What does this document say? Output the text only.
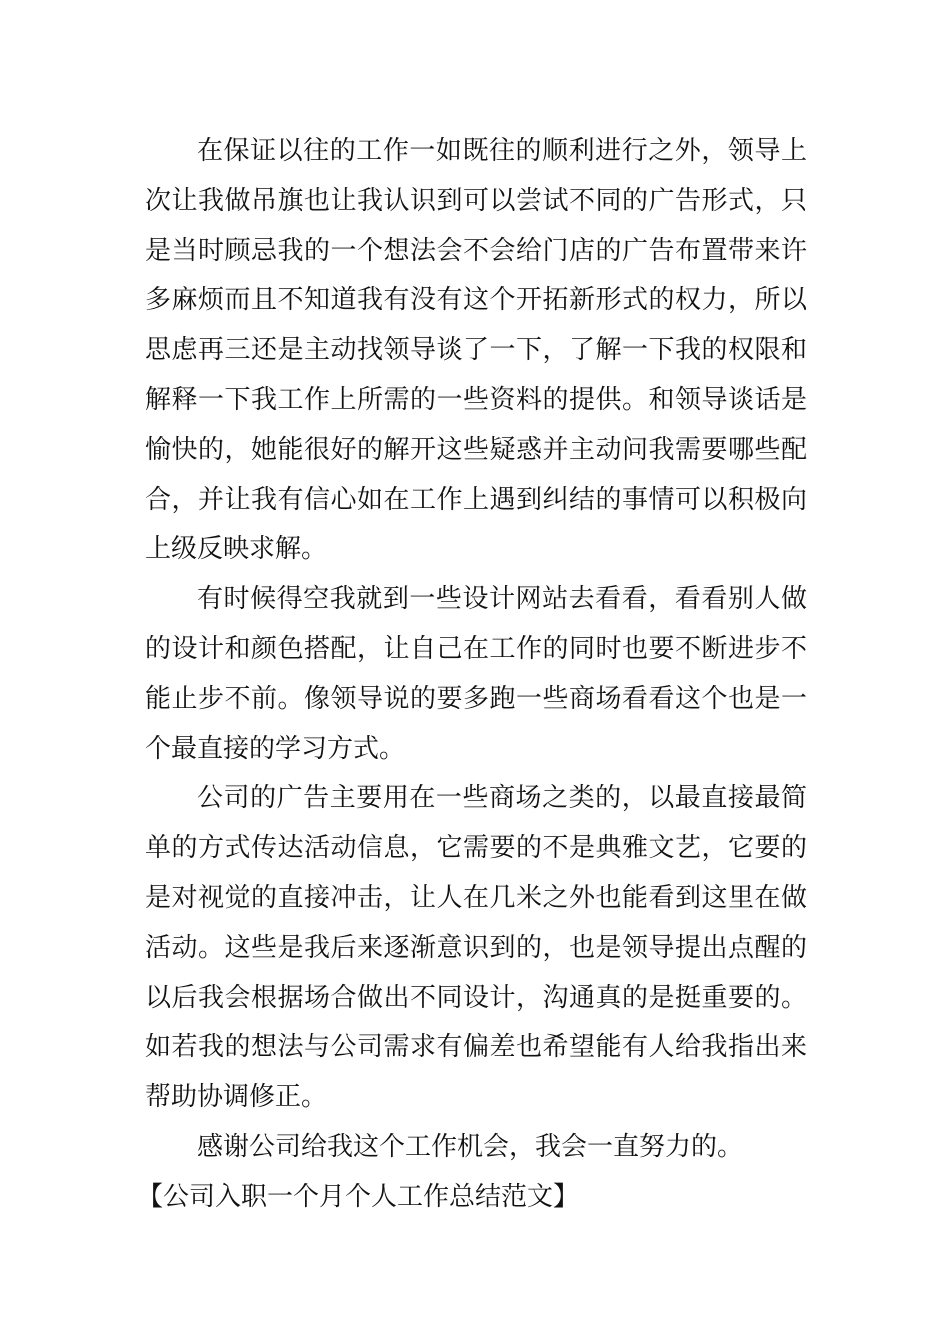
在保证以往的工作一如既往的顺利进行之外，领导上次让我做吊旗也让我认识到可以尝试不同的广告形式，只是当时顾忌我的一个想法会不会给门店的广告布置带来许多麻烦而且不知道我有没有这个开拓新形式的权力，所以思虑再三还是主动找领导谈了一下，了解一下我的权限和解释一下我工作上所需的一些资料的提供。和领导谈话是愉快的，她能很好的解开这些疑惑并主动问我需要哪些配合，并让我有信心如在工作上遇到纠结的事情可以积极向上级反映求解。

有时候得空我就到一些设计网站去看看，看看别人做的设计和颜色搭配，让自己在工作的同时也要不断进步不能止步不前。像领导说的要多跑一些商场看看这个也是一个最直接的学习方式。

公司的广告主要用在一些商场之类的，以最直接最简单的方式传达活动信息，它需要的不是典雅文艺，它要的是对视觉的直接冲击，让人在几米之外也能看到这里在做活动。这些是我后来逐渐意识到的，也是领导提出点醒的以后我会根据场合做出不同设计，沟通真的是挺重要的。如若我的想法与公司需求有偏差也希望能有人给我指出来帮助协调修正。

感谢公司给我这个工作机会，我会一直努力的。

【公司入职一个月个人工作总结范文】
